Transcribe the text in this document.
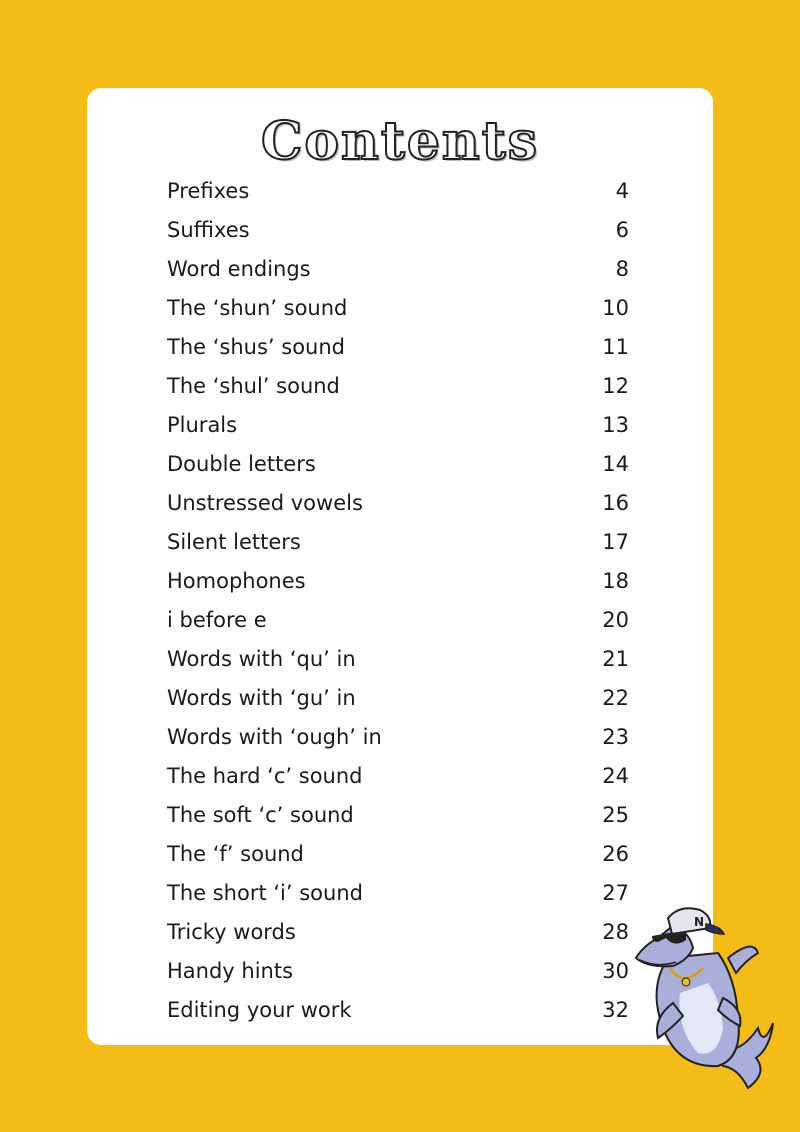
Contents
Prefixes	4
Suffixes	6
Word endings	8
The ‘shun’ sound	10
The ‘shus’ sound	11
The ‘shul’ sound	12
Plurals	13
Double letters	14
Unstressed vowels	16
Silent letters	17
Homophones	18
i before e	20
Words with ‘qu’ in	21
Words with ‘gu’ in	22
Words with ‘ough’ in	23
The hard ‘c’ sound	24
The soft ‘c’ sound	25
The ‘f’ sound	26
The short ‘i’ sound	27
Tricky words	28
Handy hints	30
Editing your work	32
N
